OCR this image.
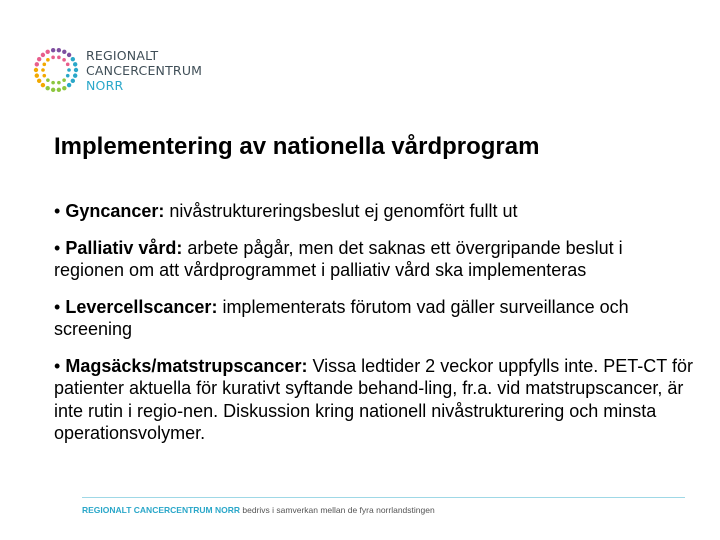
REGIONALT
CANCERCENTRUM
NORR
Implementering av nationella vårdprogram

• Gyncancer: nivåstruktureringsbeslut ej genomfört fullt ut

• Palliativ vård: arbete pågår, men det saknas ett övergripande beslut i regionen om att vårdprogrammet i palliativ vård ska implementeras

• Levercellscancer: implementerats förutom vad gäller surveillance och screening

• Magsäcks/matstrupscancer: Vissa ledtider 2 veckor uppfylls inte. PET-CT för patienter aktuella för kurativt syftande behand-ling, fr.a. vid matstrupscancer, är inte rutin i regio-nen. Diskussion kring nationell nivåstrukturering och minsta operationsvolymer.

REGIONALT CANCERCENTRUM NORR bedrivs i samverkan mellan de fyra norrlandstingen
